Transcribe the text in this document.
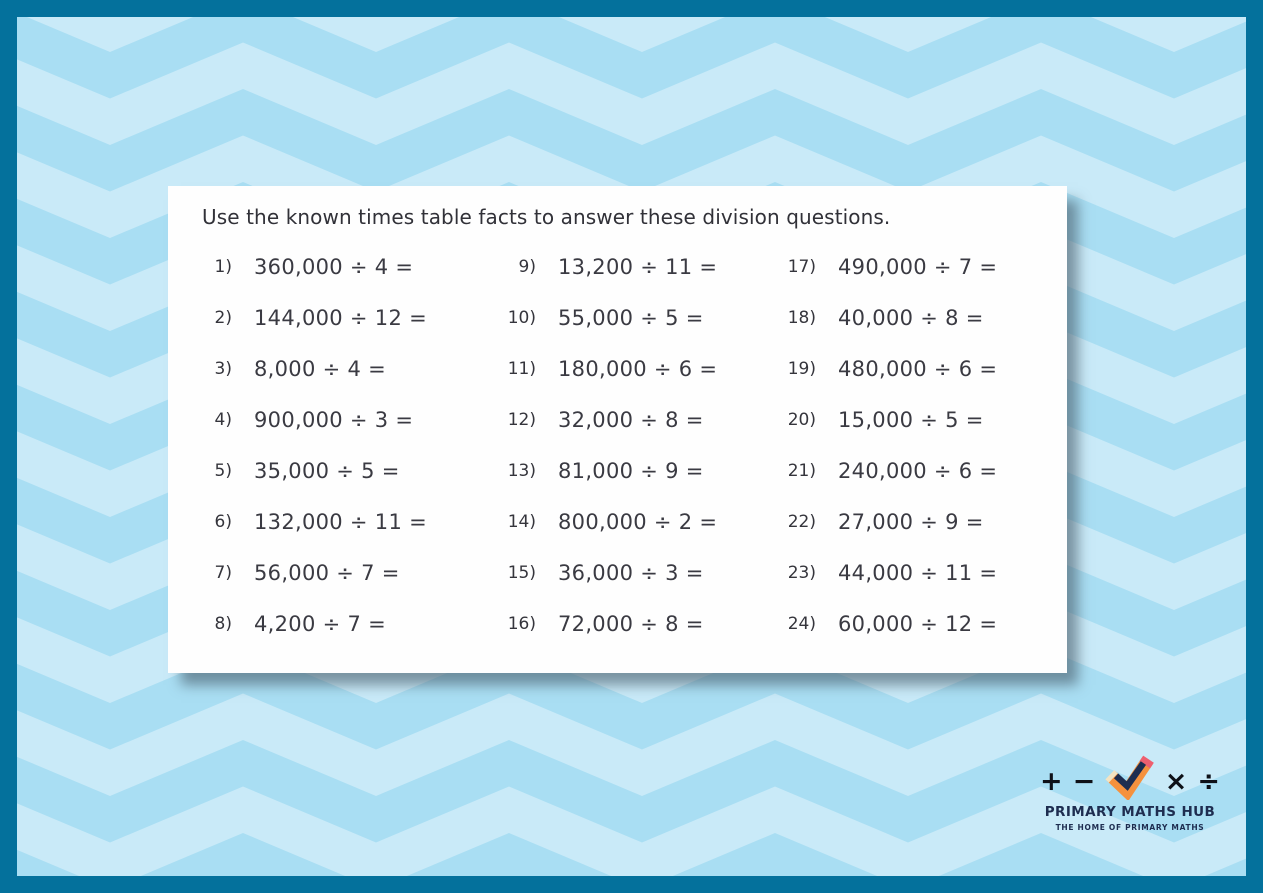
Use the known times table facts to answer these division questions.
1) 360,000 ÷ 4 =
2) 144,000 ÷ 12 =
3) 8,000 ÷ 4 =
4) 900,000 ÷ 3 =
5) 35,000 ÷ 5 =
6) 132,000 ÷ 11 =
7) 56,000 ÷ 7 =
8) 4,200 ÷ 7 =
9) 13,200 ÷ 11 =
10) 55,000 ÷ 5 =
11) 180,000 ÷ 6 =
12) 32,000 ÷ 8 =
13) 81,000 ÷ 9 =
14) 800,000 ÷ 2 =
15) 36,000 ÷ 3 =
16) 72,000 ÷ 8 =
17) 490,000 ÷ 7 =
18) 40,000 ÷ 8 =
19) 480,000 ÷ 6 =
20) 15,000 ÷ 5 =
21) 240,000 ÷ 6 =
22) 27,000 ÷ 9 =
23) 44,000 ÷ 11 =
24) 60,000 ÷ 12 =
+ −	× ÷
PRIMARY MATHS HUB
THE HOME OF PRIMARY MATHS
